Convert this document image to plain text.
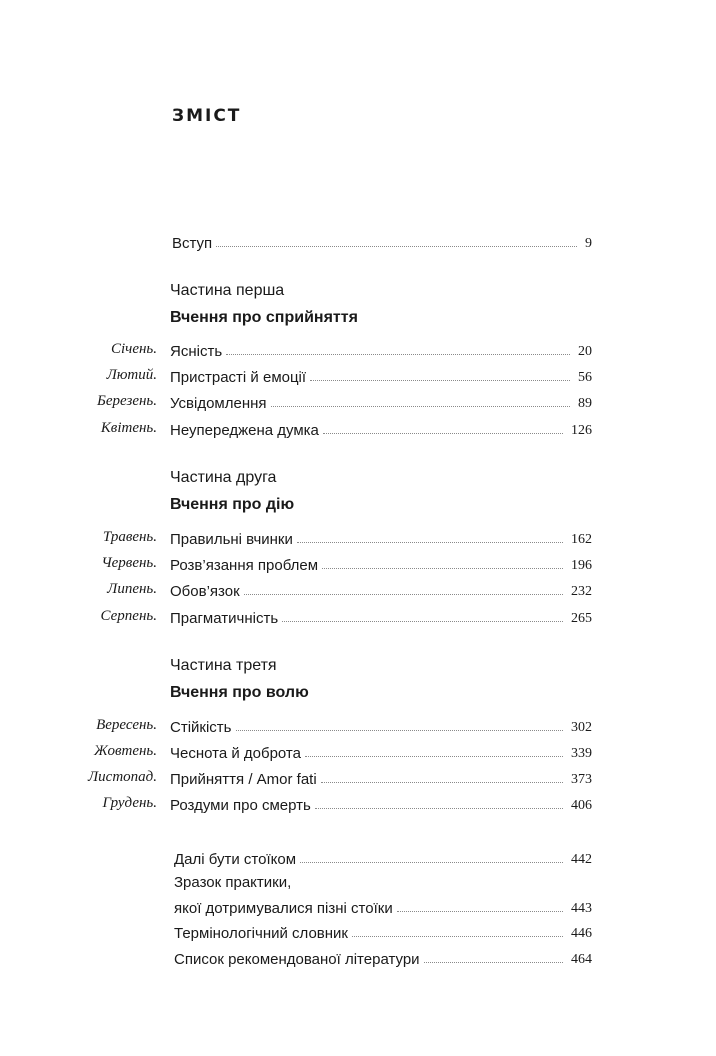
ЗМІСТ
Вступ	9
Частина перша
Вчення про сприйняття
Січень. Ясність	20
Лютий. Пристрасті й емоції	56
Березень. Усвідомлення	89
Квітень. Неупереджена думка	126
Частина друга
Вчення про дію
Травень. Правильні вчинки	162
Червень. Розв’язання проблем	196
Липень. Обов’язок	232
Серпень. Прагматичність	265
Частина третя
Вчення про волю
Вересень. Стійкість	302
Жовтень. Чеснота й доброта	339
Листопад. Прийняття / Amor fati	373
Грудень. Роздуми про смерть	406
Далі бути стоїком	442
Зразок практики,
якої дотримувалися пізні стоїки	443
Термінологічний словник	446
Список рекомендованої літератури	464
